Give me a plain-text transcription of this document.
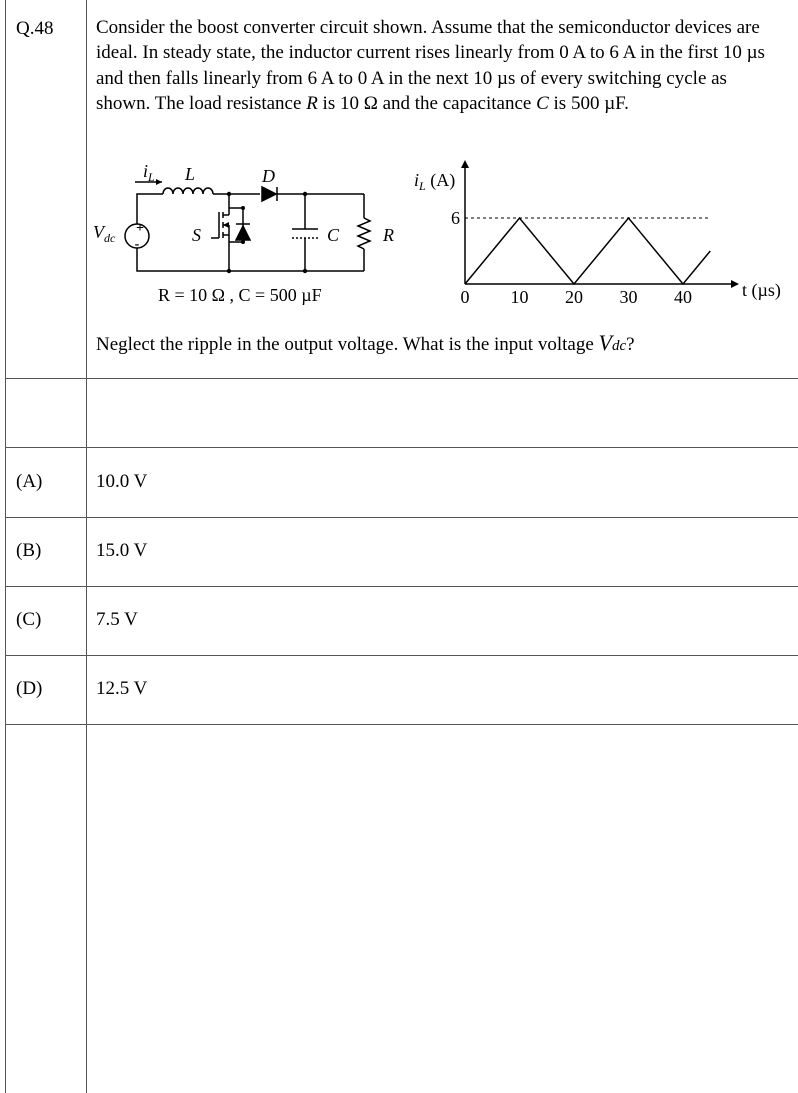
Q.48 Consider the boost converter circuit shown. Assume that the semiconductor devices are ideal. In steady state, the inductor current rises linearly from 0 A to 6 A in the first 10 µs and then falls linearly from 6 A to 0 A in the next 10 µs of every switching cycle as shown. The load resistance R is 10 Ω and the capacitance C is 500 µF.
+
-
$i_L$ L	D
S	C R
$V_{dc}$
R = 10 Ω , C = 500 µF	0 10 20 30 40
6
$i_L$ (A)
t (µs)
Neglect the ripple in the output voltage. What is the input voltage Vdc?
(A)	10.0 V
(B)	15.0 V
(C)	7.5 V
(D)	12.5 V
